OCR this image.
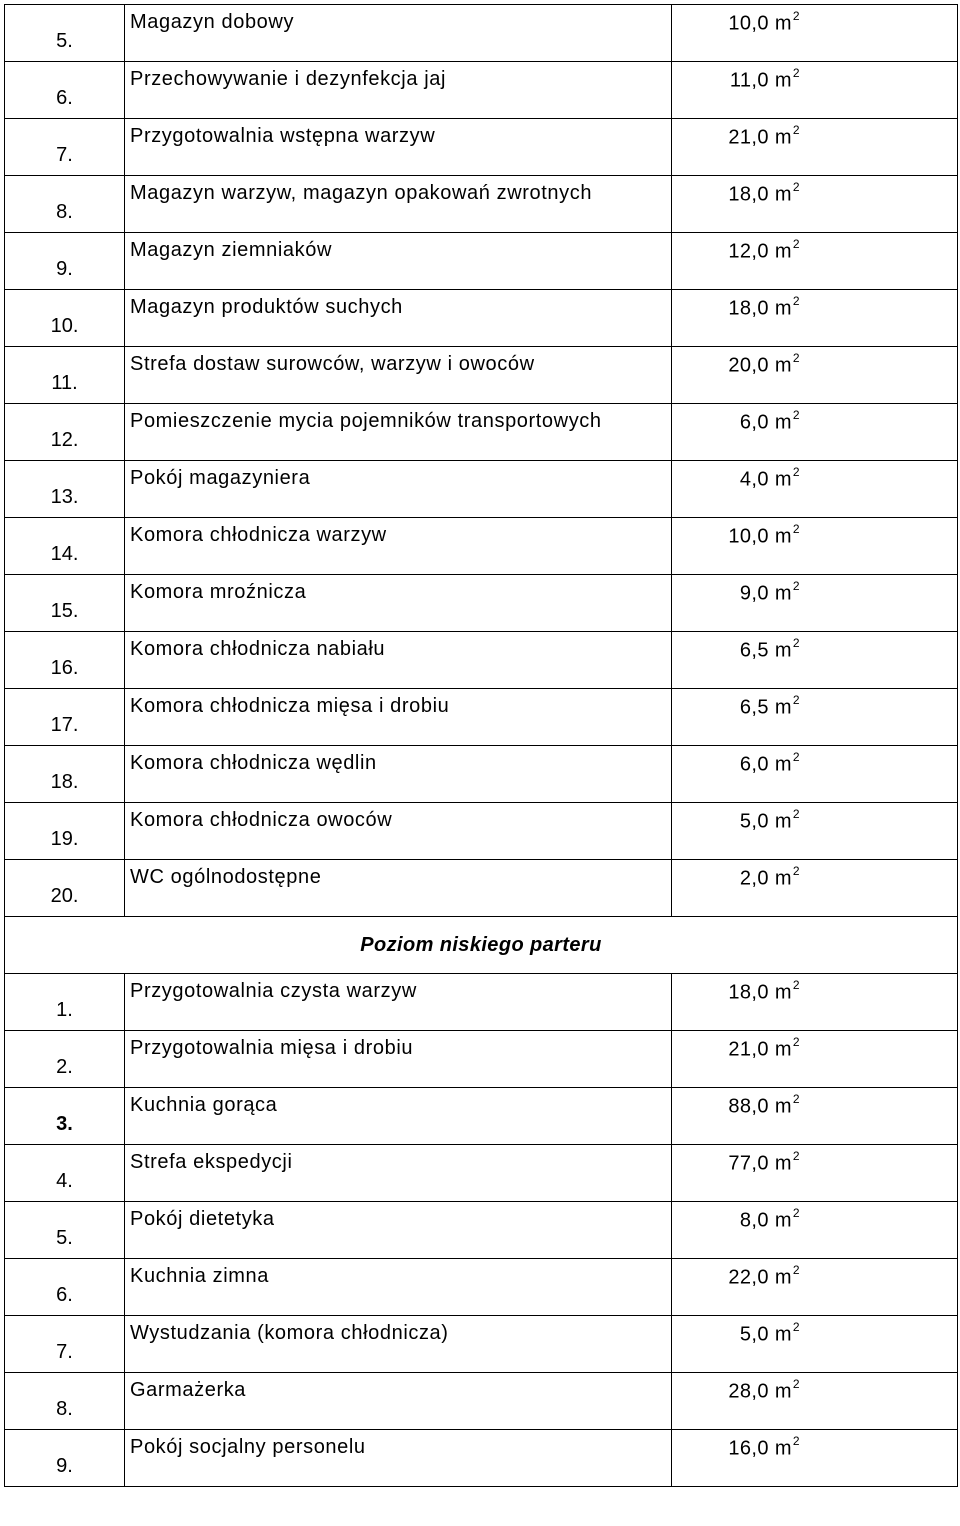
5.	Magazyn dobowy	10,0 $m^2$

6.	Przechowywanie i dezynfekcja jaj	11,0 $m^2$

7.	Przygotowalnia wstępna warzyw	21,0 $m^2$

8.	Magazyn warzyw, magazyn opakowań zwrotnych	18,0 $m^2$

9.	Magazyn ziemniaków	12,0 $m^2$

10.	Magazyn produktów suchych	18,0 $m^2$

11.	Strefa dostaw surowców, warzyw i owoców	20,0 $m^2$

12.	Pomieszczenie mycia pojemników transportowych	6,0 $m^2$

13.	Pokój magazyniera	4,0 $m^2$

14.	Komora chłodnicza warzyw	10,0 $m^2$

15.	Komora mroźnicza	9,0 $m^2$

16.	Komora chłodnicza nabiału	6,5 $m^2$

17.	Komora chłodnicza mięsa i drobiu	6,5 $m^2$

18.	Komora chłodnicza wędlin	6,0 $m^2$

19.	Komora chłodnicza owoców	5,0 $m^2$

20.	WC ogólnodostępne	2,0 $m^2$

Poziom niskiego parteru		
1.	Przygotowalnia czysta warzyw	18,0 $m^2$

2.	Przygotowalnia mięsa i drobiu	21,0 $m^2$

3.	Kuchnia gorąca	88,0 $m^2$

4.	Strefa ekspedycji	77,0 $m^2$

5.	Pokój dietetyka	8,0 $m^2$

6.	Kuchnia zimna	22,0 $m^2$

7.	Wystudzania (komora chłodnicza)	5,0 $m^2$

8.	Garmażerka	28,0 $m^2$

9.	Pokój socjalny personelu	16,0 $m^2$
